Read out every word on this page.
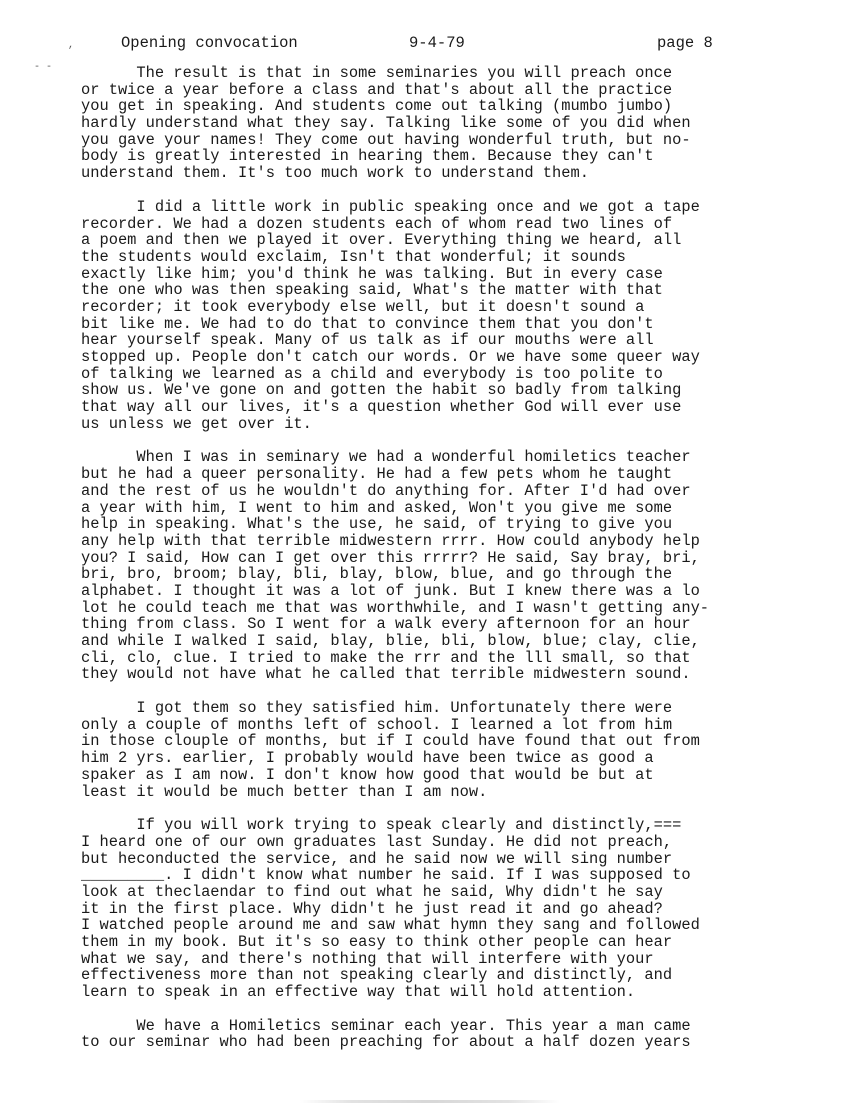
,
- -
Opening convocation	9-4-79	page 8
The result is that in some seminaries you will preach once
or twice a year before a class and that's about all the practice
you get in speaking. And students come out talking (mumbo jumbo)
hardly understand what they say. Talking like some of you did when
you gave your names! They come out having wonderful truth, but no-
body is greatly interested in hearing them. Because they can't
understand them. It's too much work to understand them.
I did a little work in public speaking once and we got a tape
recorder. We had a dozen students each of whom read two lines of
a poem and then we played it over. Everything thing we heard, all
the students would exclaim, Isn't that wonderful; it sounds
exactly like him; you'd think he was talking. But in every case
the one who was then speaking said, What's the matter with that
recorder; it took everybody else well, but it doesn't sound a
bit like me. We had to do that to convince them that you don't
hear yourself speak. Many of us talk as if our mouths were all
stopped up. People don't catch our words. Or we have some queer way
of talking we learned as a child and everybody is too polite to
show us. We've gone on and gotten the habit so badly from talking
that way all our lives, it's a question whether God will ever use
us unless we get over it.
When I was in seminary we had a wonderful homiletics teacher
but he had a queer personality. He had a few pets whom he taught
and the rest of us he wouldn't do anything for. After I'd had over
a year with him, I went to him and asked, Won't you give me some
help in speaking. What's the use, he said, of trying to give you
any help with that terrible midwestern rrrr. How could anybody help
you? I said, How can I get over this rrrrr? He said, Say bray, bri,
bri, bro, broom; blay, bli, blay, blow, blue, and go through the
alphabet. I thought it was a lot of junk. But I knew there was a lo
lot he could teach me that was worthwhile, and I wasn't getting any-
thing from class. So I went for a walk every afternoon for an hour
and while I walked I said, blay, blie, bli, blow, blue; clay, clie,
cli, clo, clue. I tried to make the rrr and the lll small, so that
they would not have what he called that terrible midwestern sound.
I got them so they satisfied him. Unfortunately there were
only a couple of months left of school. I learned a lot from him
in those clouple of months, but if I could have found that out from
him 2 yrs. earlier, I probably would have been twice as good a
spaker as I am now. I don't know how good that would be but at
least it would be much better than I am now.
If you will work trying to speak clearly and distinctly,===
I heard one of our own graduates last Sunday. He did not preach,
but heconducted the service, and he said now we will sing number
_________. I didn't know what number he said. If I was supposed to
look at theclaendar to find out what he said, Why didn't he say
it in the first place. Why didn't he just read it and go ahead?
I watched people around me and saw what hymn they sang and followed
them in my book. But it's so easy to think other people can hear
what we say, and there's nothing that will interfere with your
effectiveness more than not speaking clearly and distinctly, and
learn to speak in an effective way that will hold attention.
We have a Homiletics seminar each year. This year a man came
to our seminar who had been preaching for about a half dozen years
